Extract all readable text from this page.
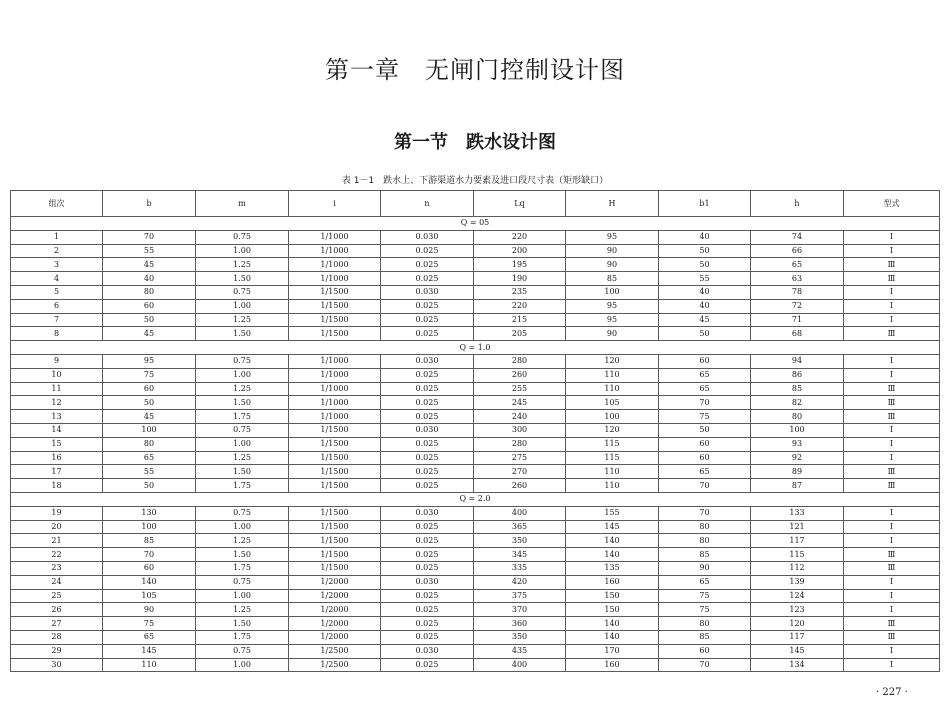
第一章　无闸门控制设计图
第一节　跌水设计图
表 1－1　跌水上、下游渠道水力要素及进口段尺寸表（矩形缺口）
组次	b	m	i	n	Lq	H	b1	h	型式
Q = 05									
1	70	0.75	1/1000	0.030	220	95	40	74	Ⅰ
2	55	1.00	1/1000	0.025	200	90	50	66	Ⅰ
3	45	1.25	1/1000	0.025	195	90	50	65	Ⅲ
4	40	1.50	1/1000	0.025	190	85	55	63	Ⅲ
5	80	0.75	1/1500	0.030	235	100	40	78	Ⅰ
6	60	1.00	1/1500	0.025	220	95	40	72	Ⅰ
7	50	1.25	1/1500	0.025	215	95	45	71	Ⅰ
8	45	1.50	1/1500	0.025	205	90	50	68	Ⅲ
Q = 1.0									
9	95	0.75	1/1000	0.030	280	120	60	94	Ⅰ
10	75	1.00	1/1000	0.025	260	110	65	86	Ⅰ
11	60	1.25	1/1000	0.025	255	110	65	85	Ⅲ
12	50	1.50	1/1000	0.025	245	105	70	82	Ⅲ
13	45	1.75	1/1000	0.025	240	100	75	80	Ⅲ
14	100	0.75	1/1500	0.030	300	120	50	100	Ⅰ
15	80	1.00	1/1500	0.025	280	115	60	93	Ⅰ
16	65	1.25	1/1500	0.025	275	115	60	92	Ⅰ
17	55	1.50	1/1500	0.025	270	110	65	89	Ⅲ
18	50	1.75	1/1500	0.025	260	110	70	87	Ⅲ
Q = 2.0									
19	130	0.75	1/1500	0.030	400	155	70	133	Ⅰ
20	100	1.00	1/1500	0.025	365	145	80	121	Ⅰ
21	85	1.25	1/1500	0.025	350	140	80	117	Ⅰ
22	70	1.50	1/1500	0.025	345	140	85	115	Ⅲ
23	60	1.75	1/1500	0.025	335	135	90	112	Ⅲ
24	140	0.75	1/2000	0.030	420	160	65	139	Ⅰ
25	105	1.00	1/2000	0.025	375	150	75	124	Ⅰ
26	90	1.25	1/2000	0.025	370	150	75	123	Ⅰ
27	75	1.50	1/2000	0.025	360	140	80	120	Ⅲ
28	65	1.75	1/2000	0.025	350	140	85	117	Ⅲ
29	145	0.75	1/2500	0.030	435	170	60	145	Ⅰ
30	110	1.00	1/2500	0.025	400	160	70	134	Ⅰ
· 227 ·
